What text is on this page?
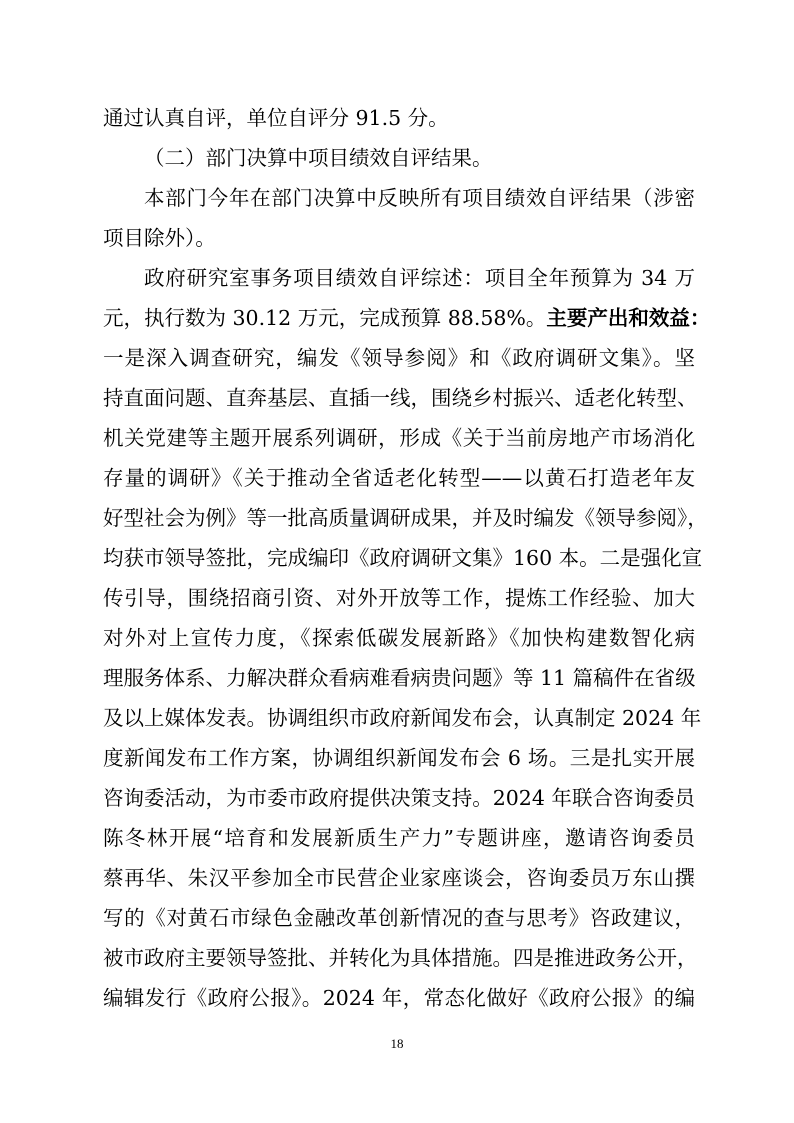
通过认真自评，单位自评分 91.5 分。
（二）部门决算中项目绩效自评结果。
本部门今年在部门决算中反映所有项目绩效自评结果（涉密
项目除外）。
政府研究室事务项目绩效自评综述：项目全年预算为 34 万
元，执行数为 30.12 万元，完成预算 88.58%。主要产出和效益：
一是深入调查研究，编发《领导参阅》和《政府调研文集》。坚
持直面问题、直奔基层、直插一线，围绕乡村振兴、适老化转型、
机关党建等主题开展系列调研，形成《关于当前房地产市场消化
存量的调研》《关于推动全省适老化转型——以黄石打造老年友
好型社会为例》等一批高质量调研成果，并及时编发《领导参阅》，
均获市领导签批，完成编印《政府调研文集》160 本。二是强化宣
传引导，围绕招商引资、对外开放等工作，提炼工作经验、加大
对外对上宣传力度，《探索低碳发展新路》《加快构建数智化病
理服务体系、力解决群众看病难看病贵问题》等 11 篇稿件在省级
及以上媒体发表。协调组织市政府新闻发布会，认真制定 2024 年
度新闻发布工作方案，协调组织新闻发布会 6 场。三是扎实开展
咨询委活动，为市委市政府提供决策支持。2024 年联合咨询委员
陈冬林开展“培育和发展新质生产力”专题讲座，邀请咨询委员
蔡再华、朱汉平参加全市民营企业家座谈会，咨询委员万东山撰
写的《对黄石市绿色金融改革创新情况的查与思考》咨政建议，
被市政府主要领导签批、并转化为具体措施。四是推进政务公开，
编辑发行《政府公报》。2024 年，常态化做好《政府公报》的编
18
